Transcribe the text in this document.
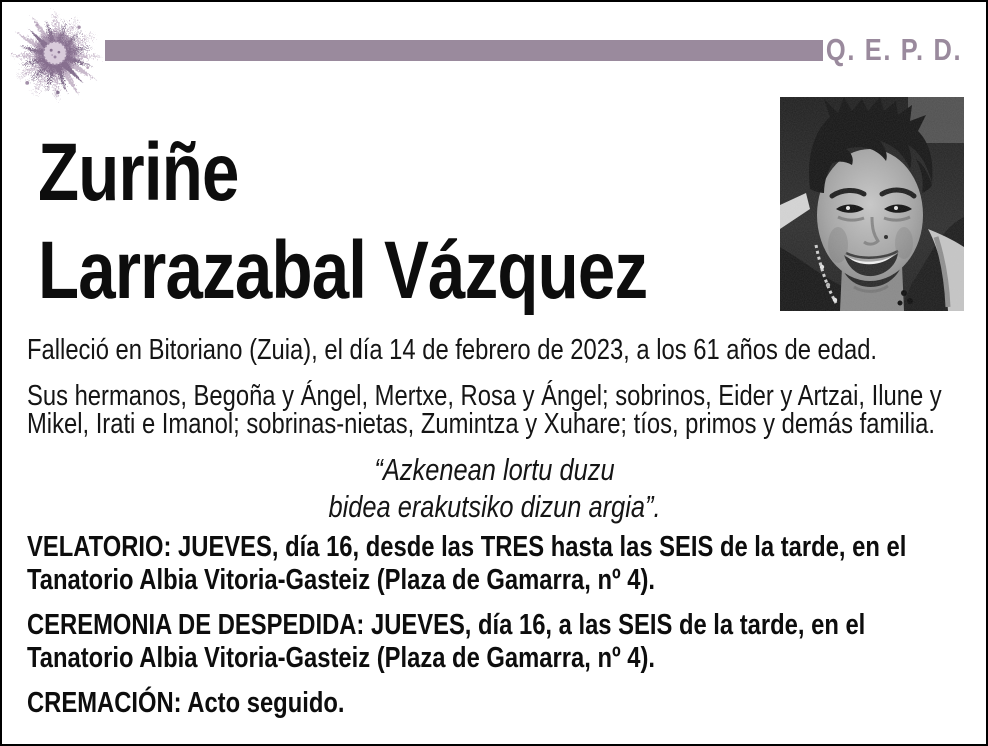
Q. E. P. D.
Zuriñe
Larrazabal Vázquez
Falleció en Bitoriano (Zuia), el día 14 de febrero de 2023, a los 61 años de edad.
Sus hermanos, Begoña y Ángel, Mertxe, Rosa y Ángel; sobrinos, Eider y Artzai, Ilune y
Mikel, Irati e Imanol; sobrinas-nietas, Zumintza y Xuhare; tíos, primos y demás familia.
“Azkenean lortu duzu
bidea erakutsiko dizun argia”.
VELATORIO: JUEVES, día 16, desde las TRES hasta las SEIS de la tarde, en el
Tanatorio Albia Vitoria-Gasteiz (Plaza de Gamarra, nº 4).
CEREMONIA DE DESPEDIDA: JUEVES, día 16, a las SEIS de la tarde, en el
Tanatorio Albia Vitoria-Gasteiz (Plaza de Gamarra, nº 4).
CREMACIÓN: Acto seguido.
